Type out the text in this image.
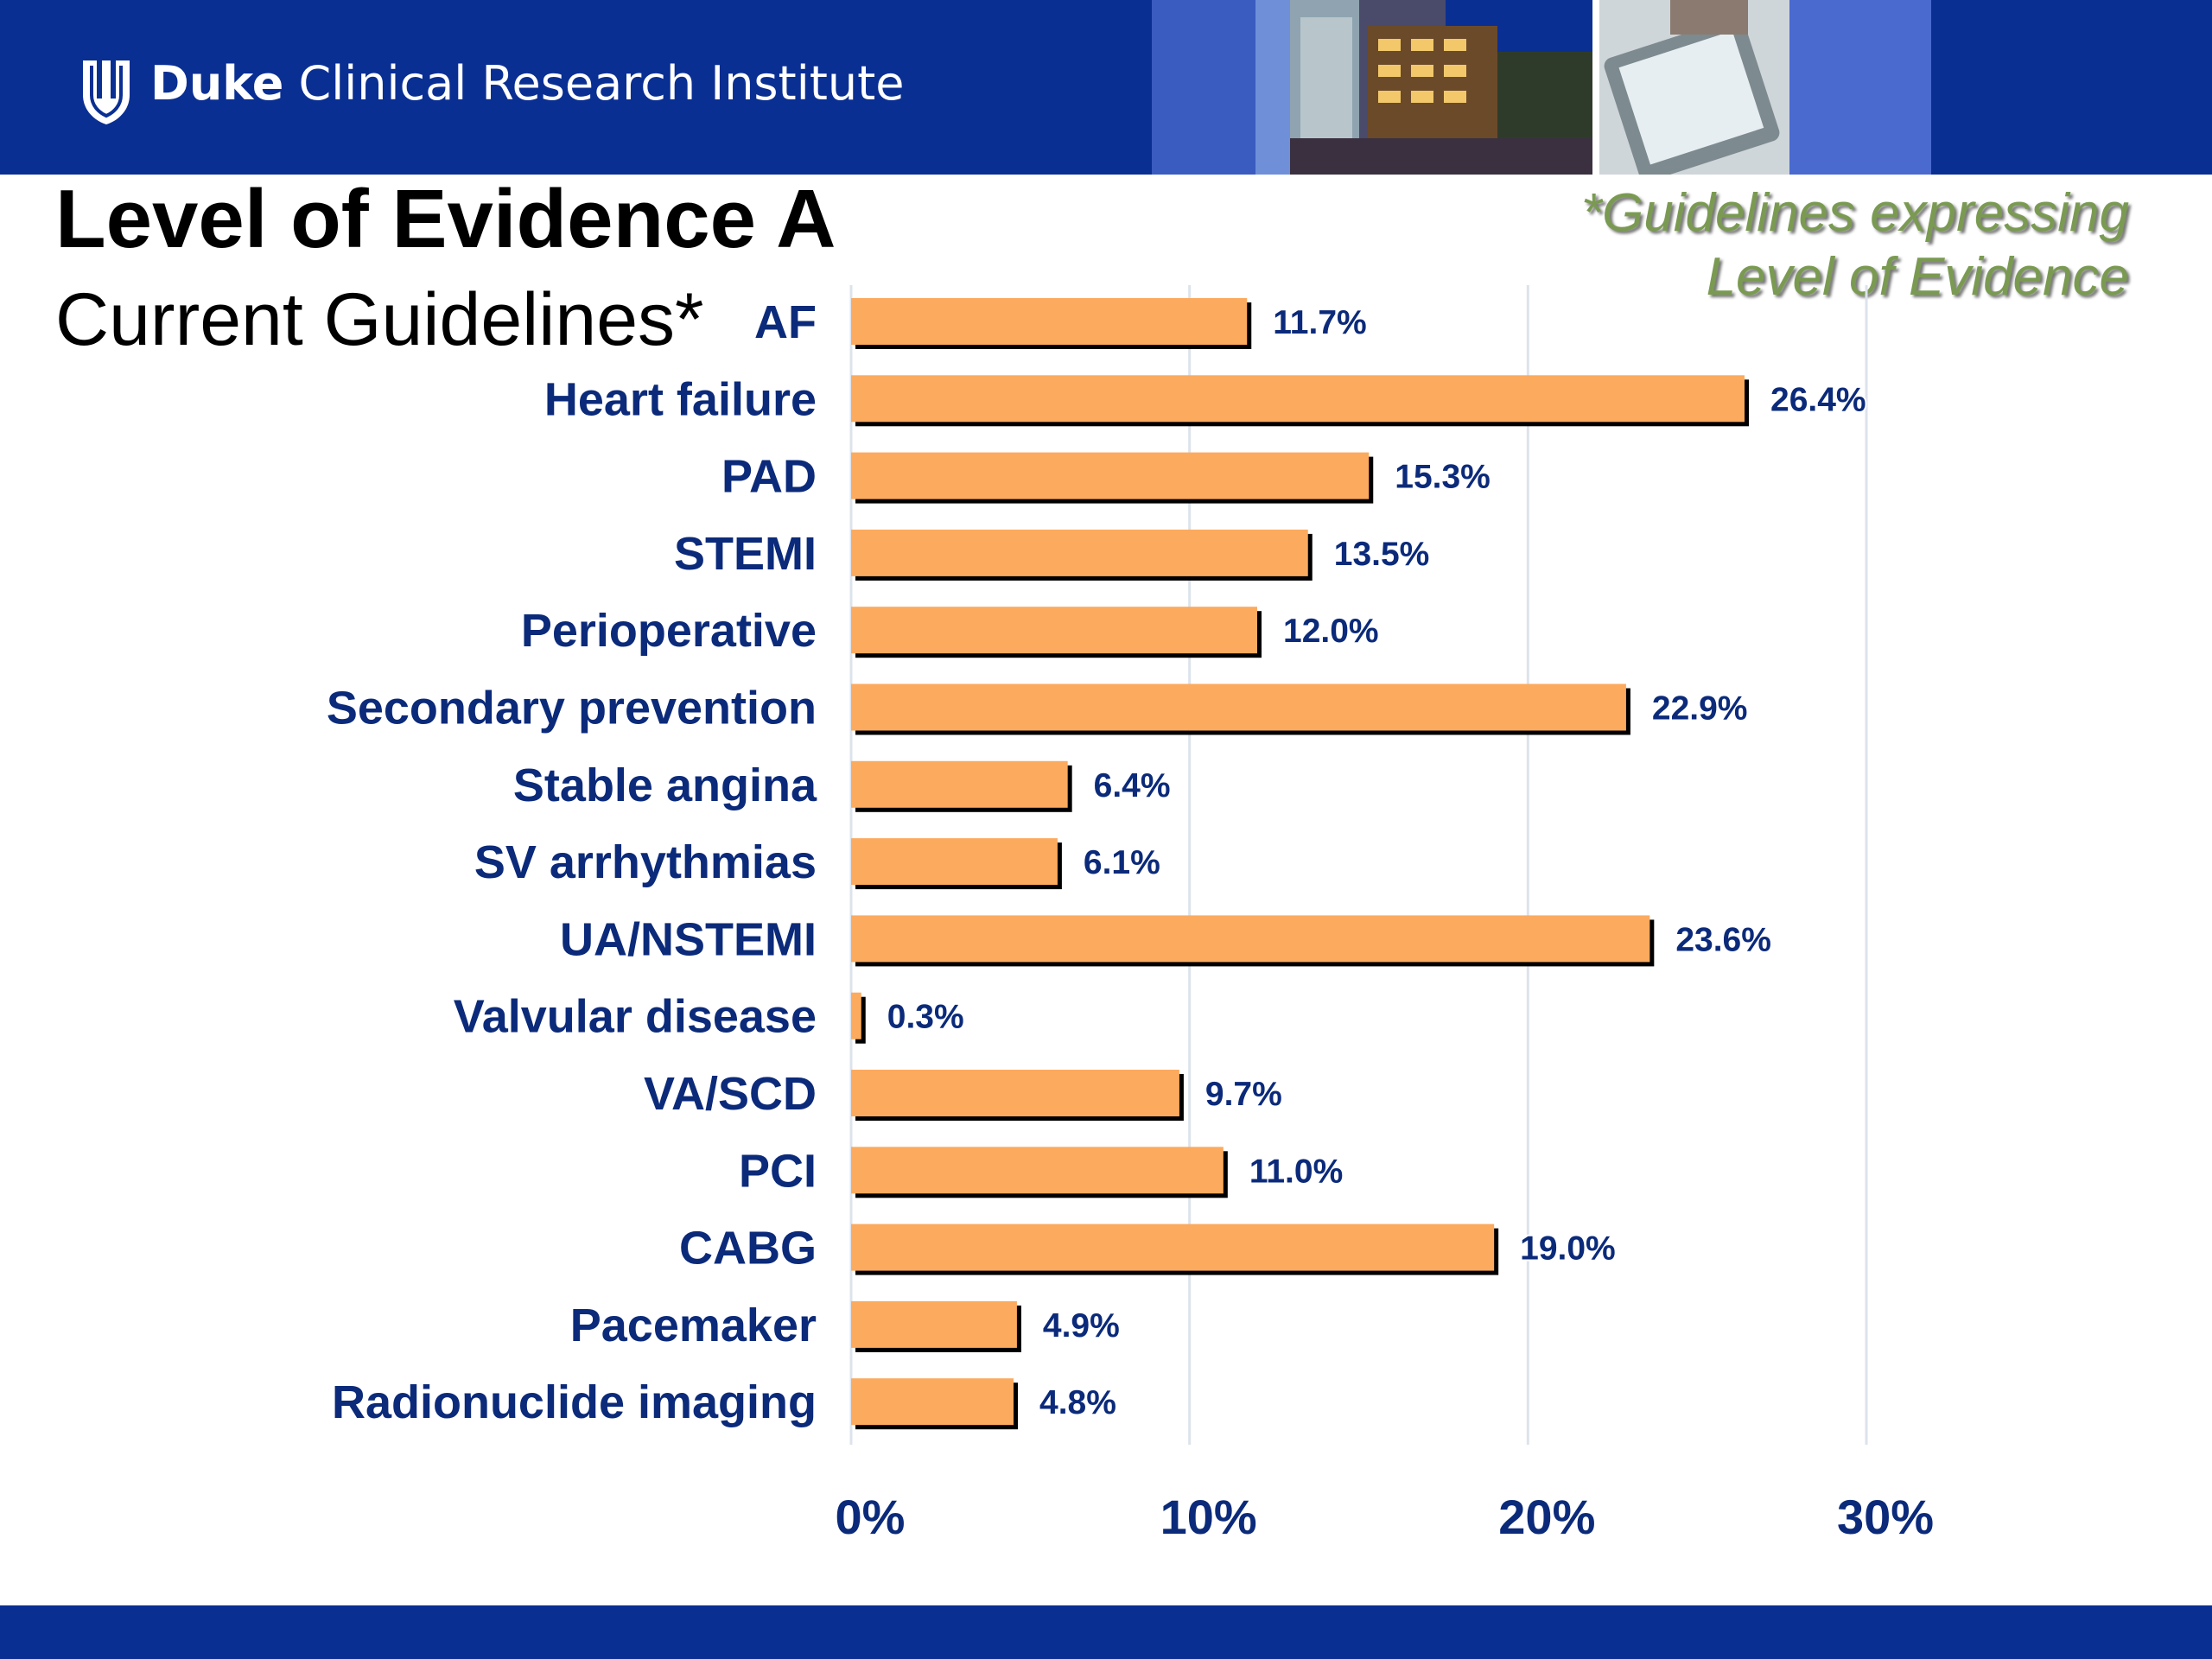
Duke Clinical Research Institute
Level of Evidence A
Current Guidelines*
*Guidelines expressing
Level of Evidence
0%	10%	20%	30%
AF	11.7%
Heart failure	26.4%
PAD	15.3%
STEMI	13.5%
Perioperative	12.0%
Secondary prevention	22.9%
Stable angina	6.4%
SV arrhythmias	6.1%
UA/NSTEMI	23.6%
Valvular disease 0.3%
VA/SCD	9.7%
PCI	11.0%
CABG	19.0%
Pacemaker	4.9%
Radionuclide imaging	4.8%
